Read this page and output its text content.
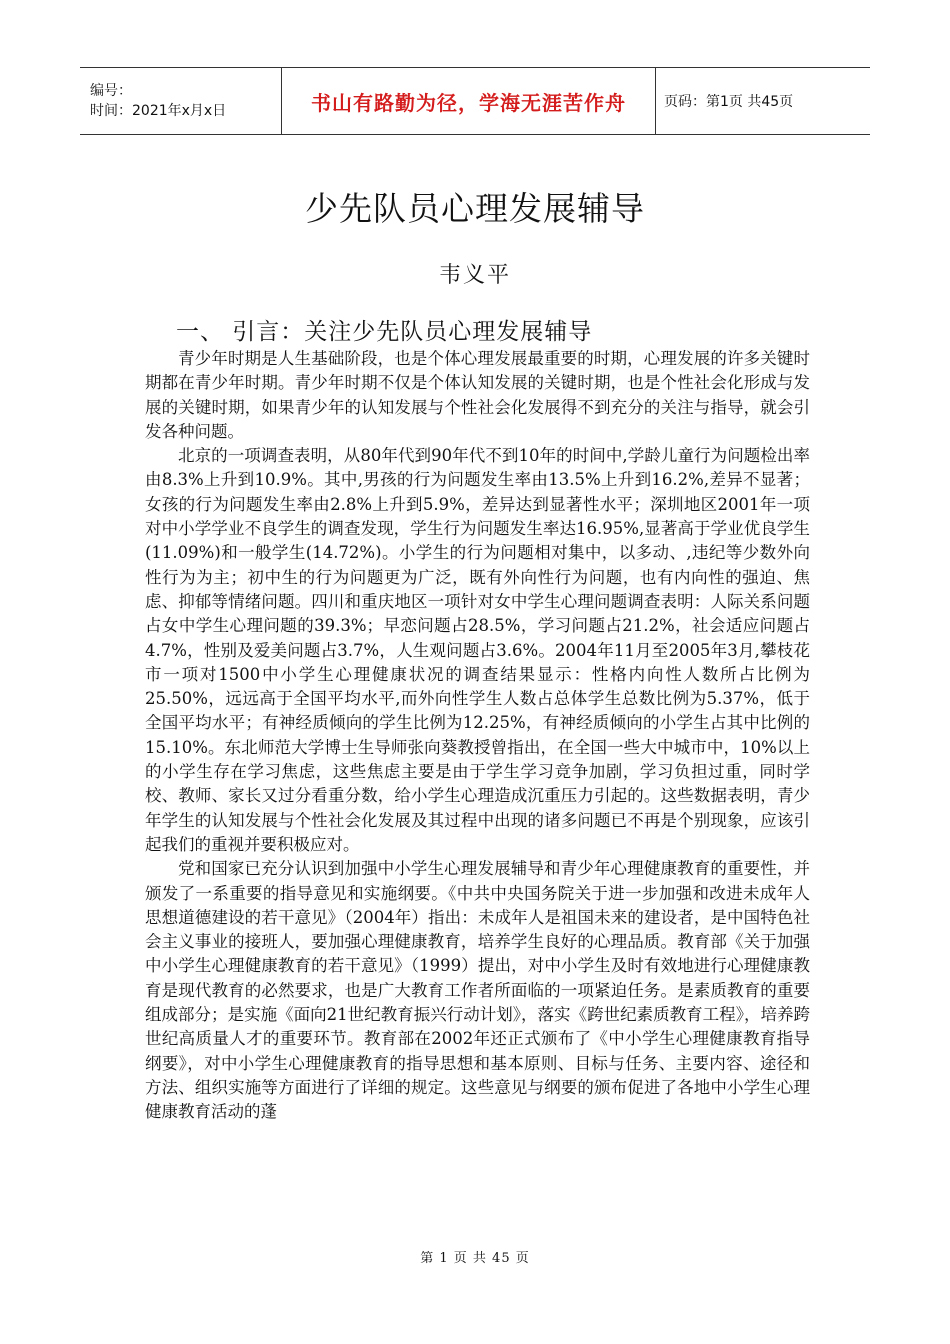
编号：
时间：2021年x月x日	书山有路勤为径，学海无涯苦作舟	页码：第1页 共45页
少先队员心理发展辅导
韦义平
一、 引言：关注少先队员心理发展辅导

青少年时期是人生基础阶段，也是个体心理发展最重要的时期，心理发展的许多关键时期都在青少年时期。青少年时期不仅是个体认知发展的关键时期，也是个性社会化形成与发展的关键时期，如果青少年的认知发展与个性社会化发展得不到充分的关注与指导，就会引发各种问题。

北京的一项调查表明，从80年代到90年代不到10年的时间中,学龄儿童行为问题检出率由8.3%上升到10.9%。其中,男孩的行为问题发生率由13.5%上升到16.2%,差异不显著；女孩的行为问题发生率由2.8%上升到5.9%，差异达到显著性水平；深圳地区2001年一项对中小学学业不良学生的调查发现，学生行为问题发生率达16.95%,显著高于学业优良学生(11.09%)和一般学生(14.72%)。小学生的行为问题相对集中，以多动、,违纪等少数外向性行为为主；初中生的行为问题更为广泛，既有外向性行为问题，也有内向性的强迫、焦虑、抑郁等情绪问题。四川和重庆地区一项针对女中学生心理问题调查表明：人际关系问题占女中学生心理问题的39.3%；早恋问题占28.5%，学习问题占21.2%，社会适应问题占4.7%，性别及爱美问题占3.7%，人生观问题占3.6%。2004年11月至2005年3月,攀枝花市一项对1500中小学生心理健康状况的调查结果显示：性格内向性人数所占比例为25.50%，远远高于全国平均水平,而外向性学生人数占总体学生总数比例为5.37%，低于全国平均水平；有神经质倾向的学生比例为12.25%，有神经质倾向的小学生占其中比例的15.10%。东北师范大学博士生导师张向葵教授曾指出，在全国一些大中城市中，10%以上的小学生存在学习焦虑，这些焦虑主要是由于学生学习竞争加剧，学习负担过重，同时学校、教师、家长又过分看重分数，给小学生心理造成沉重压力引起的。这些数据表明，青少年学生的认知发展与个性社会化发展及其过程中出现的诸多问题已不再是个别现象，应该引起我们的重视并要积极应对。

党和国家已充分认识到加强中小学生心理发展辅导和青少年心理健康教育的重要性，并颁发了一系重要的指导意见和实施纲要。《中共中央国务院关于进一步加强和改进未成年人思想道德建设的若干意见》（2004年）指出：未成年人是祖国未来的建设者，是中国特色社会主义事业的接班人，要加强心理健康教育，培养学生良好的心理品质。教育部《关于加强中小学生心理健康教育的若干意见》（1999）提出，对中小学生及时有效地进行心理健康教育是现代教育的必然要求，也是广大教育工作者所面临的一项紧迫任务。是素质教育的重要组成部分；是实施《面向21世纪教育振兴行动计划》，落实《跨世纪素质教育工程》，培养跨世纪高质量人才的重要环节。教育部在2002年还正式颁布了《中小学生心理健康教育指导纲要》，对中小学生心理健康教育的指导思想和基本原则、目标与任务、主要内容、途径和方法、组织实施等方面进行了详细的规定。这些意见与纲要的颁布促进了各地中小学生心理健康教育活动的蓬

第 1 页 共 45 页
